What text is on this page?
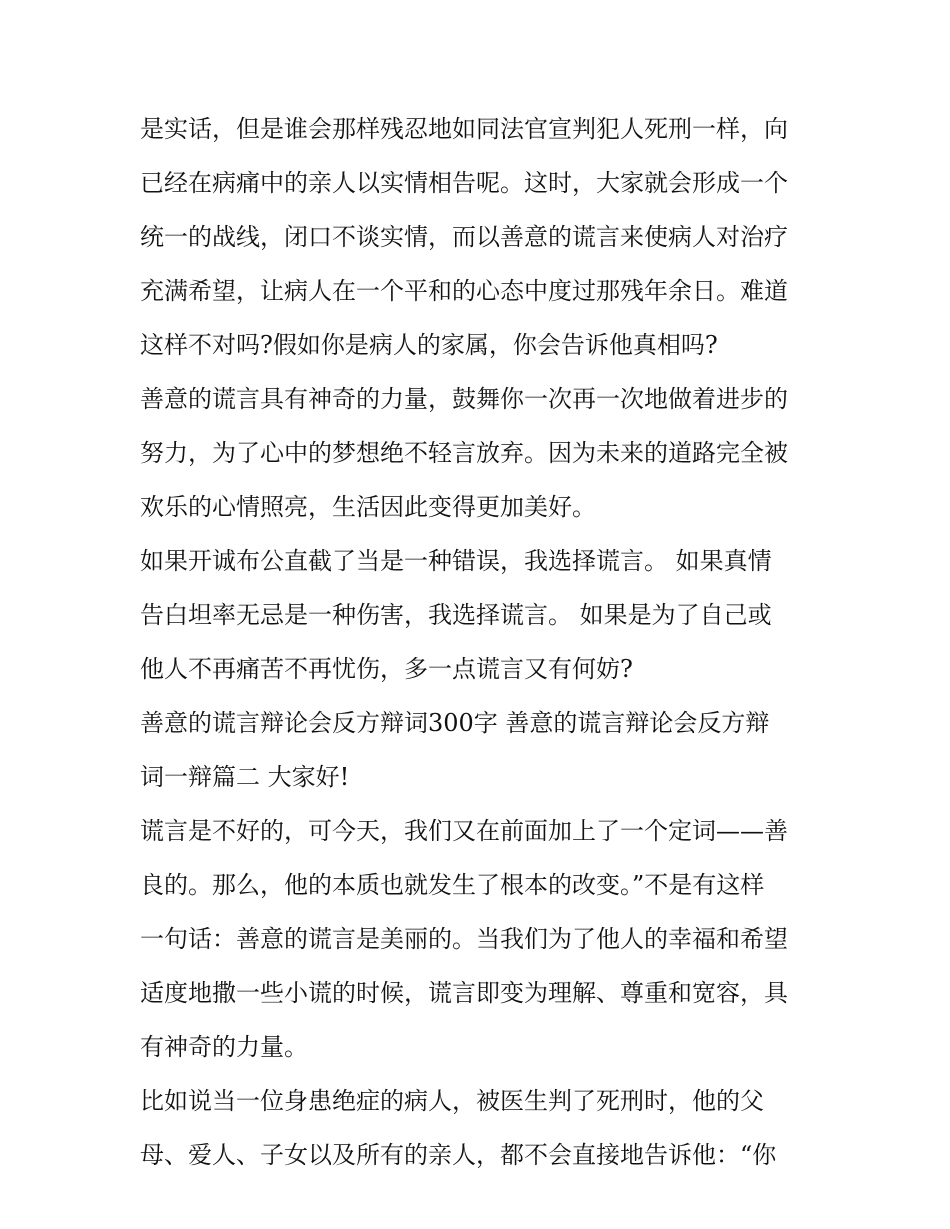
是实话，但是谁会那样残忍地如同法官宣判犯人死刑一样，向
已经在病痛中的亲人以实情相告呢。这时，大家就会形成一个
统一的战线，闭口不谈实情，而以善意的谎言来使病人对治疗
充满希望，让病人在一个平和的心态中度过那残年余日。难道
这样不对吗?假如你是病人的家属，你会告诉他真相吗?
善意的谎言具有神奇的力量，鼓舞你一次再一次地做着进步的
努力，为了心中的梦想绝不轻言放弃。因为未来的道路完全被
欢乐的心情照亮，生活因此变得更加美好。
如果开诚布公直截了当是一种错误，我选择谎言。 如果真情
告白坦率无忌是一种伤害，我选择谎言。 如果是为了自己或
他人不再痛苦不再忧伤，多一点谎言又有何妨?
善意的谎言辩论会反方辩词300字 善意的谎言辩论会反方辩
词一辩篇二 大家好!
谎言是不好的，可今天，我们又在前面加上了一个定词——善
良的。那么，他的本质也就发生了根本的改变。”不是有这样
一句话：善意的谎言是美丽的。当我们为了他人的幸福和希望
适度地撒一些小谎的时候，谎言即变为理解、尊重和宽容，具
有神奇的力量。
比如说当一位身患绝症的病人，被医生判了死刑时，他的父
母、爱人、子女以及所有的亲人，都不会直接地告诉他：“你
